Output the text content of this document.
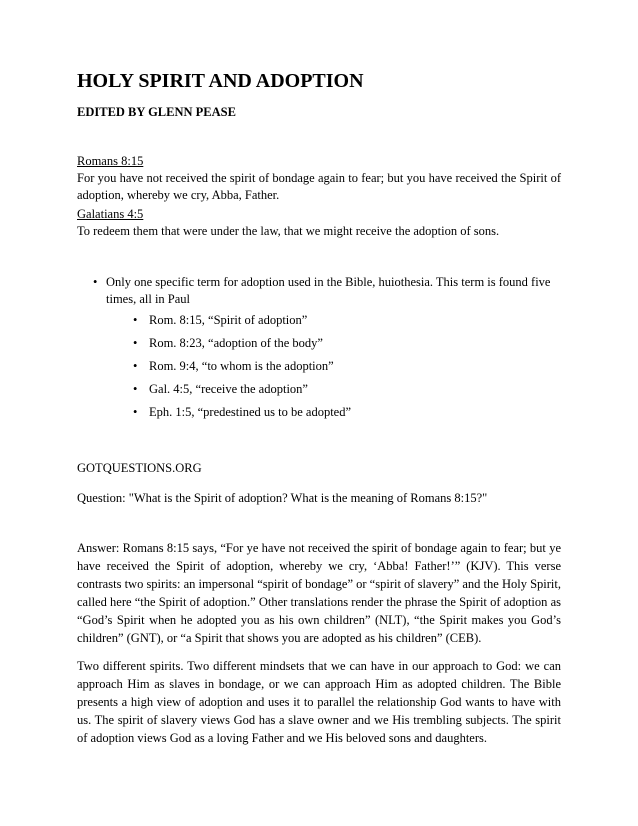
HOLY SPIRIT AND ADOPTION
EDITED BY GLENN PEASE
Romans 8:15
For you have not received the spirit of bondage again to fear; but you have received the Spirit of adoption, whereby we cry, Abba, Father.
Galatians 4:5
To redeem them that were under the law, that we might receive the adoption of sons.
• Only one specific term for adoption used in the Bible, huiothesia. This term is found five times, all in Paul
• Rom. 8:15, “Spirit of adoption”
• Rom. 8:23, “adoption of the body”
• Rom. 9:4, “to whom is the adoption”
• Gal. 4:5, “receive the adoption”
• Eph. 1:5, “predestined us to be adopted”
GOTQUESTIONS.ORG
Question: "What is the Spirit of adoption? What is the meaning of Romans 8:15?"
Answer: Romans 8:15 says, “For ye have not received the spirit of bondage again to fear; but ye have received the Spirit of adoption, whereby we cry, ‘Abba! Father!’” (KJV). This verse contrasts two spirits: an impersonal “spirit of bondage” or “spirit of slavery” and the Holy Spirit, called here “the Spirit of adoption.” Other translations render the phrase the Spirit of adoption as “God’s Spirit when he adopted you as his own children” (NLT), “the Spirit makes you God’s children” (GNT), or “a Spirit that shows you are adopted as his children” (CEB).
Two different spirits. Two different mindsets that we can have in our approach to God: we can approach Him as slaves in bondage, or we can approach Him as adopted children. The Bible presents a high view of adoption and uses it to parallel the relationship God wants to have with us. The spirit of slavery views God has a slave owner and we His trembling subjects. The spirit of adoption views God as a loving Father and we His beloved sons and daughters.
